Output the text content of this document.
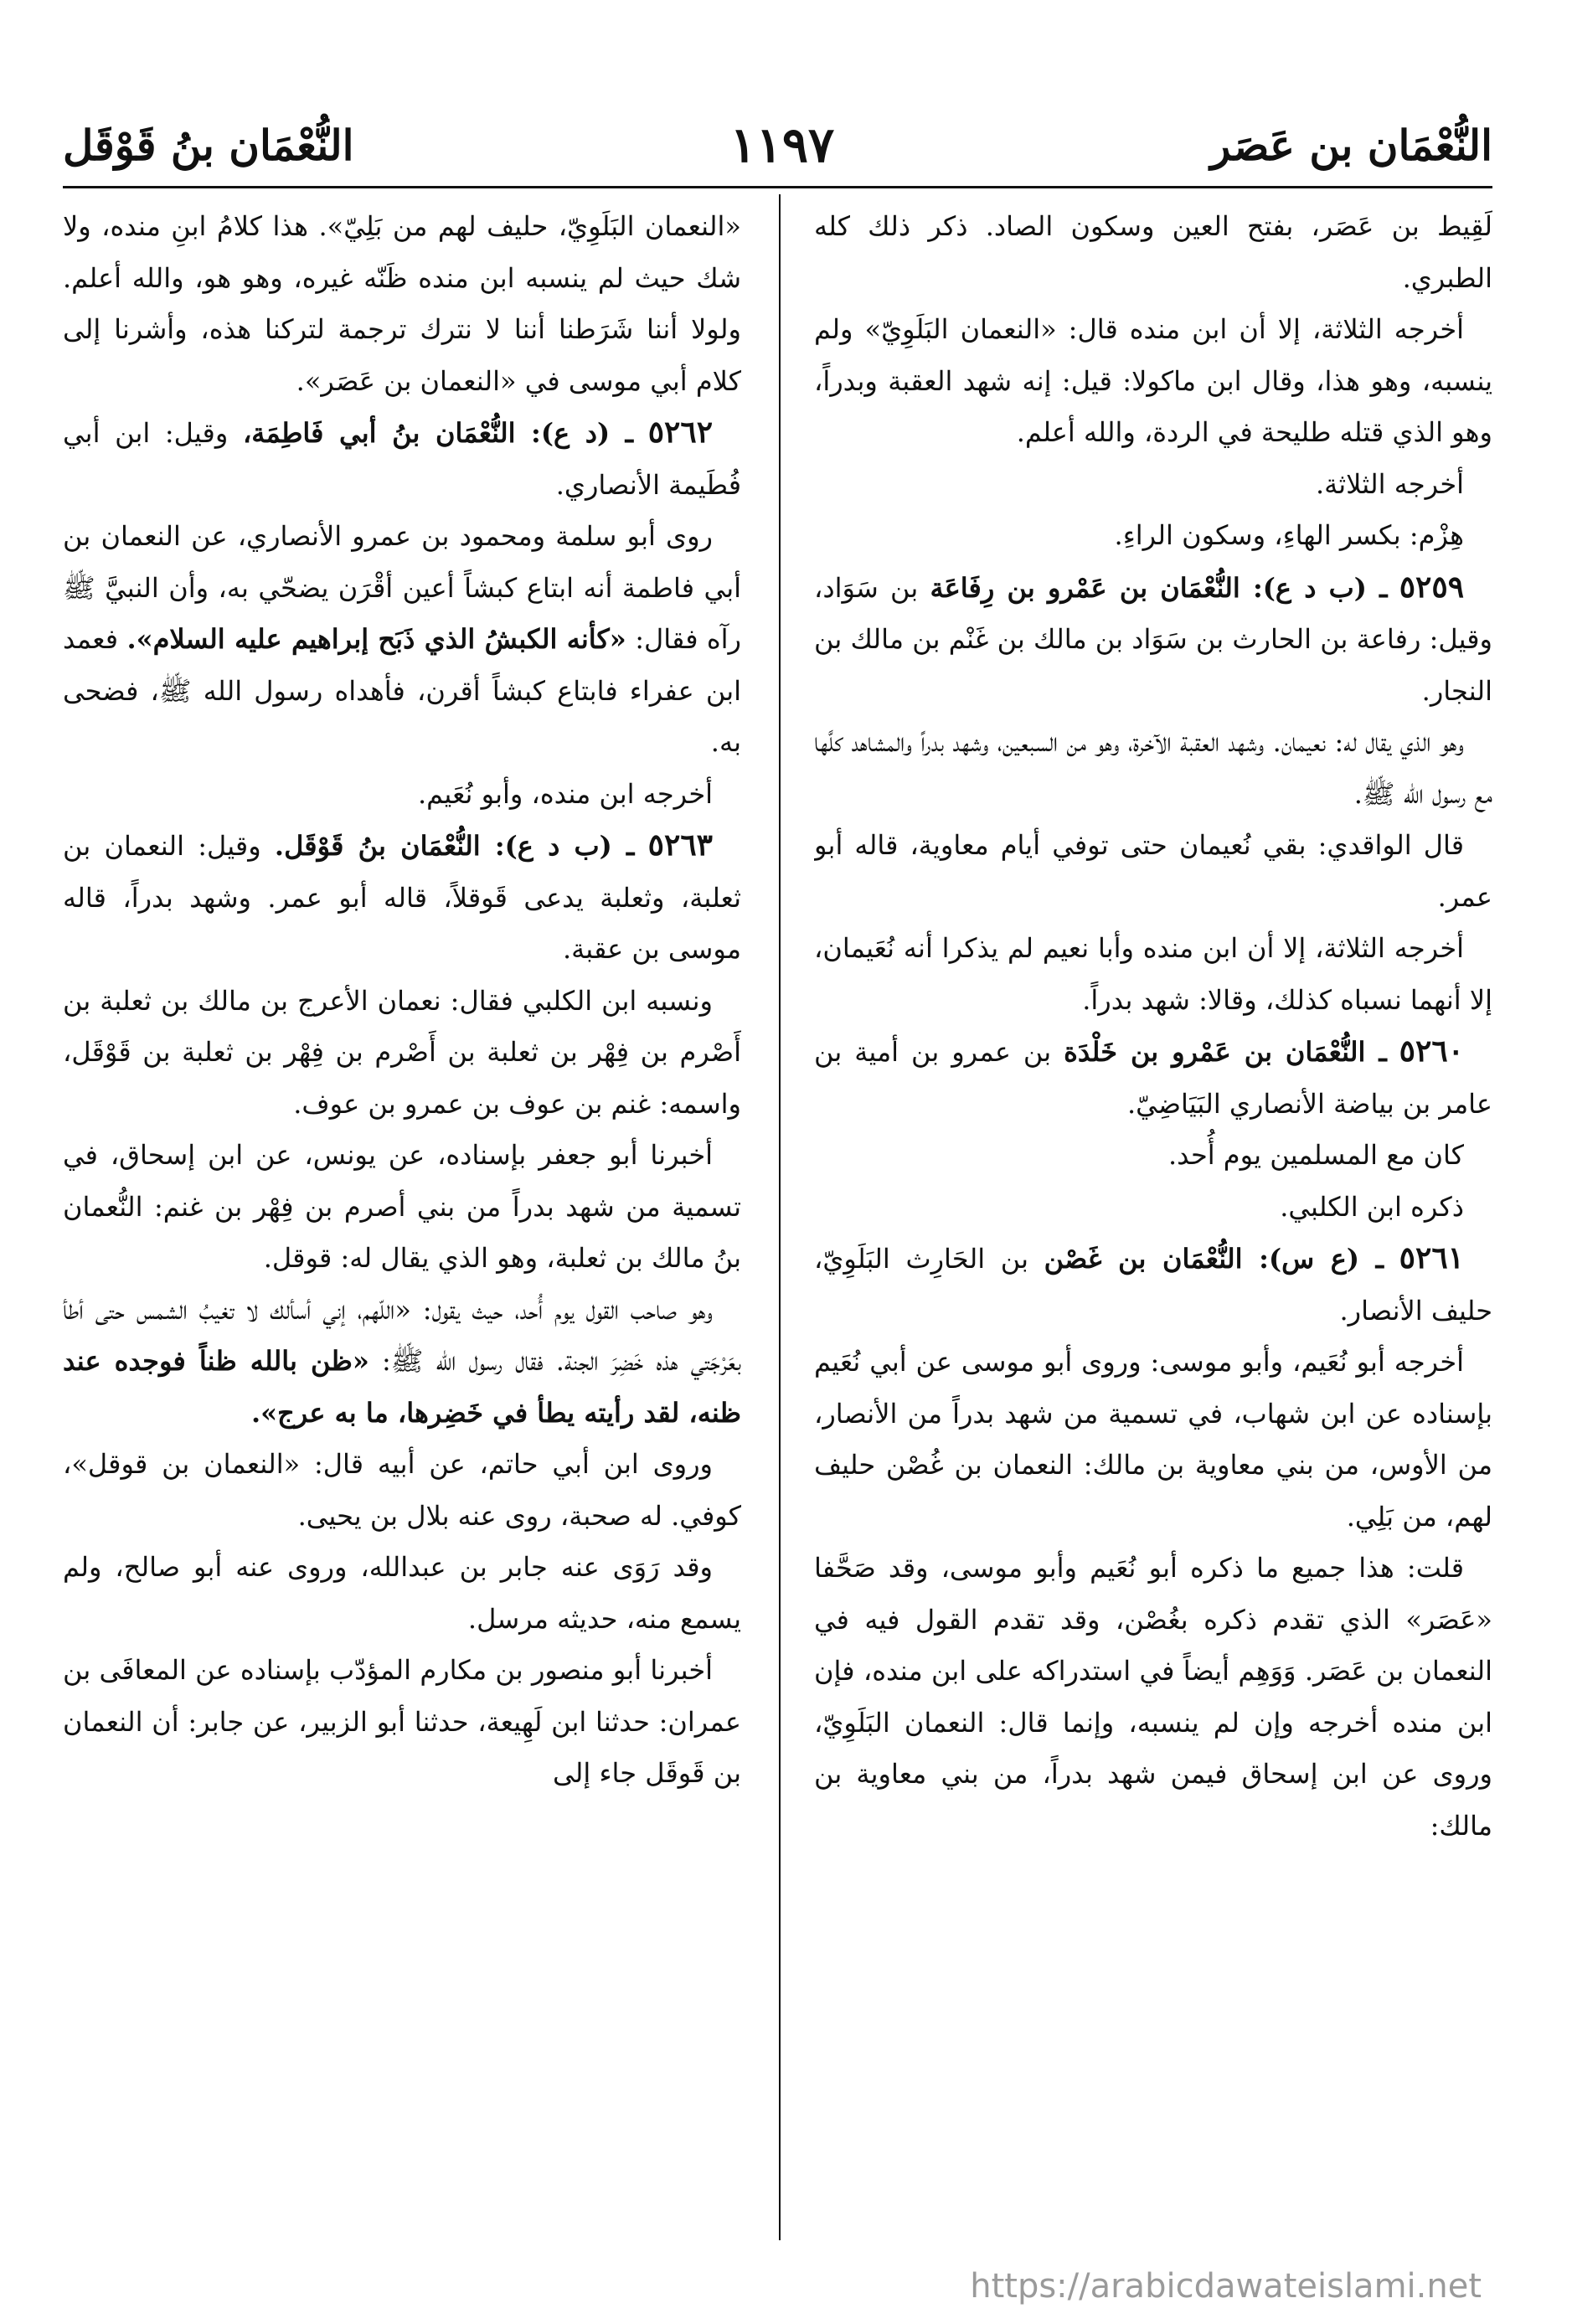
النُّعْمَان بن عَصَر
١١٩٧
النُّعْمَان بنُ قَوْقَل

لَقِيط بن عَصَر، بفتح العين وسكون الصاد. ذكر ذلك كله الطبري.

أخرجه الثلاثة، إلا أن ابن منده قال: «النعمان البَلَوِيّ» ولم ينسبه، وهو هذا، وقال ابن ماكولا: قيل: إنه شهد العقبة وبدراً، وهو الذي قتله طليحة في الردة، والله أعلم.

أخرجه الثلاثة.

هِزْم: بكسر الهاءِ، وسكون الراءِ.

٥٢٥٩ ـ (ب د ع): النُّعْمَان بن عَمْرو بن رِفَاعَة بن سَوَاد، وقيل: رفاعة بن الحارث بن سَوَاد بن مالك بن غَنْم بن مالك بن النجار.

وهو الذي يقال له: نعيمان. وشهد العقبة الآخرة، وهو من السبعين، وشهد بدراً والمشاهد كلَّها مع رسول الله ﷺ.

قال الواقدي: بقي نُعيمان حتى توفي أيام معاوية، قاله أبو عمر.

أخرجه الثلاثة، إلا أن ابن منده وأبا نعيم لم يذكرا أنه نُعَيمان، إلا أنهما نسباه كذلك، وقالا: شهد بدراً.

٥٢٦٠ ـ النُّعْمَان بن عَمْرو بن خَلْدَة بن عمرو بن أمية بن عامر بن بياضة الأنصاري البَيَاضِيّ.

كان مع المسلمين يوم أُحد.

ذكره ابن الكلبي.

٥٢٦١ ـ (ع س): النُّعْمَان بن غَصْن بن الحَارِث البَلَوِيّ، حليف الأنصار.

أخرجه أبو نُعَيم، وأبو موسى: وروى أبو موسى عن أبي نُعَيم بإسناده عن ابن شهاب، في تسمية من شهد بدراً من الأنصار، من الأوس، من بني معاوية بن مالك: النعمان بن غُصْن حليف لهم، من بَلِي.

قلت: هذا جميع ما ذكره أبو نُعَيم وأبو موسى، وقد صَحَّفا «عَصَر» الذي تقدم ذكره بغُصْن، وقد تقدم القول فيه في النعمان بن عَصَر. وَوَهِم أيضاً في استدراكه على ابن منده، فإن ابن منده أخرجه وإن لم ينسبه، وإنما قال: النعمان البَلَوِيّ، وروى عن ابن إسحاق فيمن شهد بدراً، من بني معاوية بن مالك:

«النعمان البَلَوِيّ، حليف لهم من بَلِيّ». هذا كلامُ ابنِ منده، ولا شك حيث لم ينسبه ابن منده ظَنّه غيره، وهو هو، والله أعلم. ولولا أننا شَرَطنا أننا لا نترك ترجمة لتركنا هذه، وأشرنا إلى كلام أبي موسى في «النعمان بن عَصَر».

٥٢٦٢ ـ (د ع): النُّعْمَان بنُ أبي فَاطِمَة، وقيل: ابن أبي فُطَيمة الأنصاري.

روى أبو سلمة ومحمود بن عمرو الأنصاري، عن النعمان بن أبي فاطمة أنه ابتاع كبشاً أعين أقْرَن يضحّي به، وأن النبيَّ ﷺ رآه فقال: «كأنه الكبشُ الذي ذَبَح إبراهيم عليه السلام». فعمد ابن عفراء فابتاع كبشاً أقرن، فأهداه رسول الله ﷺ، فضحى به.

أخرجه ابن منده، وأبو نُعَيم.

٥٢٦٣ ـ (ب د ع): النُّعْمَان بنُ قَوْقَل. وقيل: النعمان بن ثعلبة، وثعلبة يدعى قَوقلاً، قاله أبو عمر. وشهد بدراً، قاله موسى بن عقبة.

ونسبه ابن الكلبي فقال: نعمان الأعرج بن مالك بن ثعلبة بن أَصْرم بن فِهْر بن ثعلبة بن أَصْرم بن فِهْر بن ثعلبة بن قَوْقَل، واسمه: غنم بن عوف بن عمرو بن عوف.

أخبرنا أبو جعفر بإسناده، عن يونس، عن ابن إسحاق، في تسمية من شهد بدراً من بني أصرم بن فِهْر بن غنم: النُّعمان بنُ مالك بن ثعلبة، وهو الذي يقال له: قوقل.

وهو صاحب القول يوم أُحد، حيث يقول: «اللّهم، إني أسألك لا تغيبُ الشمس حتى أطأ بعَرْجَتي هذه خَضِرَ الجنة. فقال رسول الله ﷺ: «ظن بالله ظناً فوجده عند ظنه، لقد رأيته يطأ في خَضِرها، ما به عرج».

وروى ابن أبي حاتم، عن أبيه قال: «النعمان بن قوقل»، كوفي. له صحبة، روى عنه بلال بن يحيى.

وقد رَوَى عنه جابر بن عبدالله، وروى عنه أبو صالح، ولم يسمع منه، حديثه مرسل.

أخبرنا أبو منصور بن مكارم المؤدّب بإسناده عن المعافَى بن عمران: حدثنا ابن لَهِيعة، حدثنا أبو الزبير، عن جابر: أن النعمان بن قَوقَل جاء إلى

https://arabicdawateislami.net
